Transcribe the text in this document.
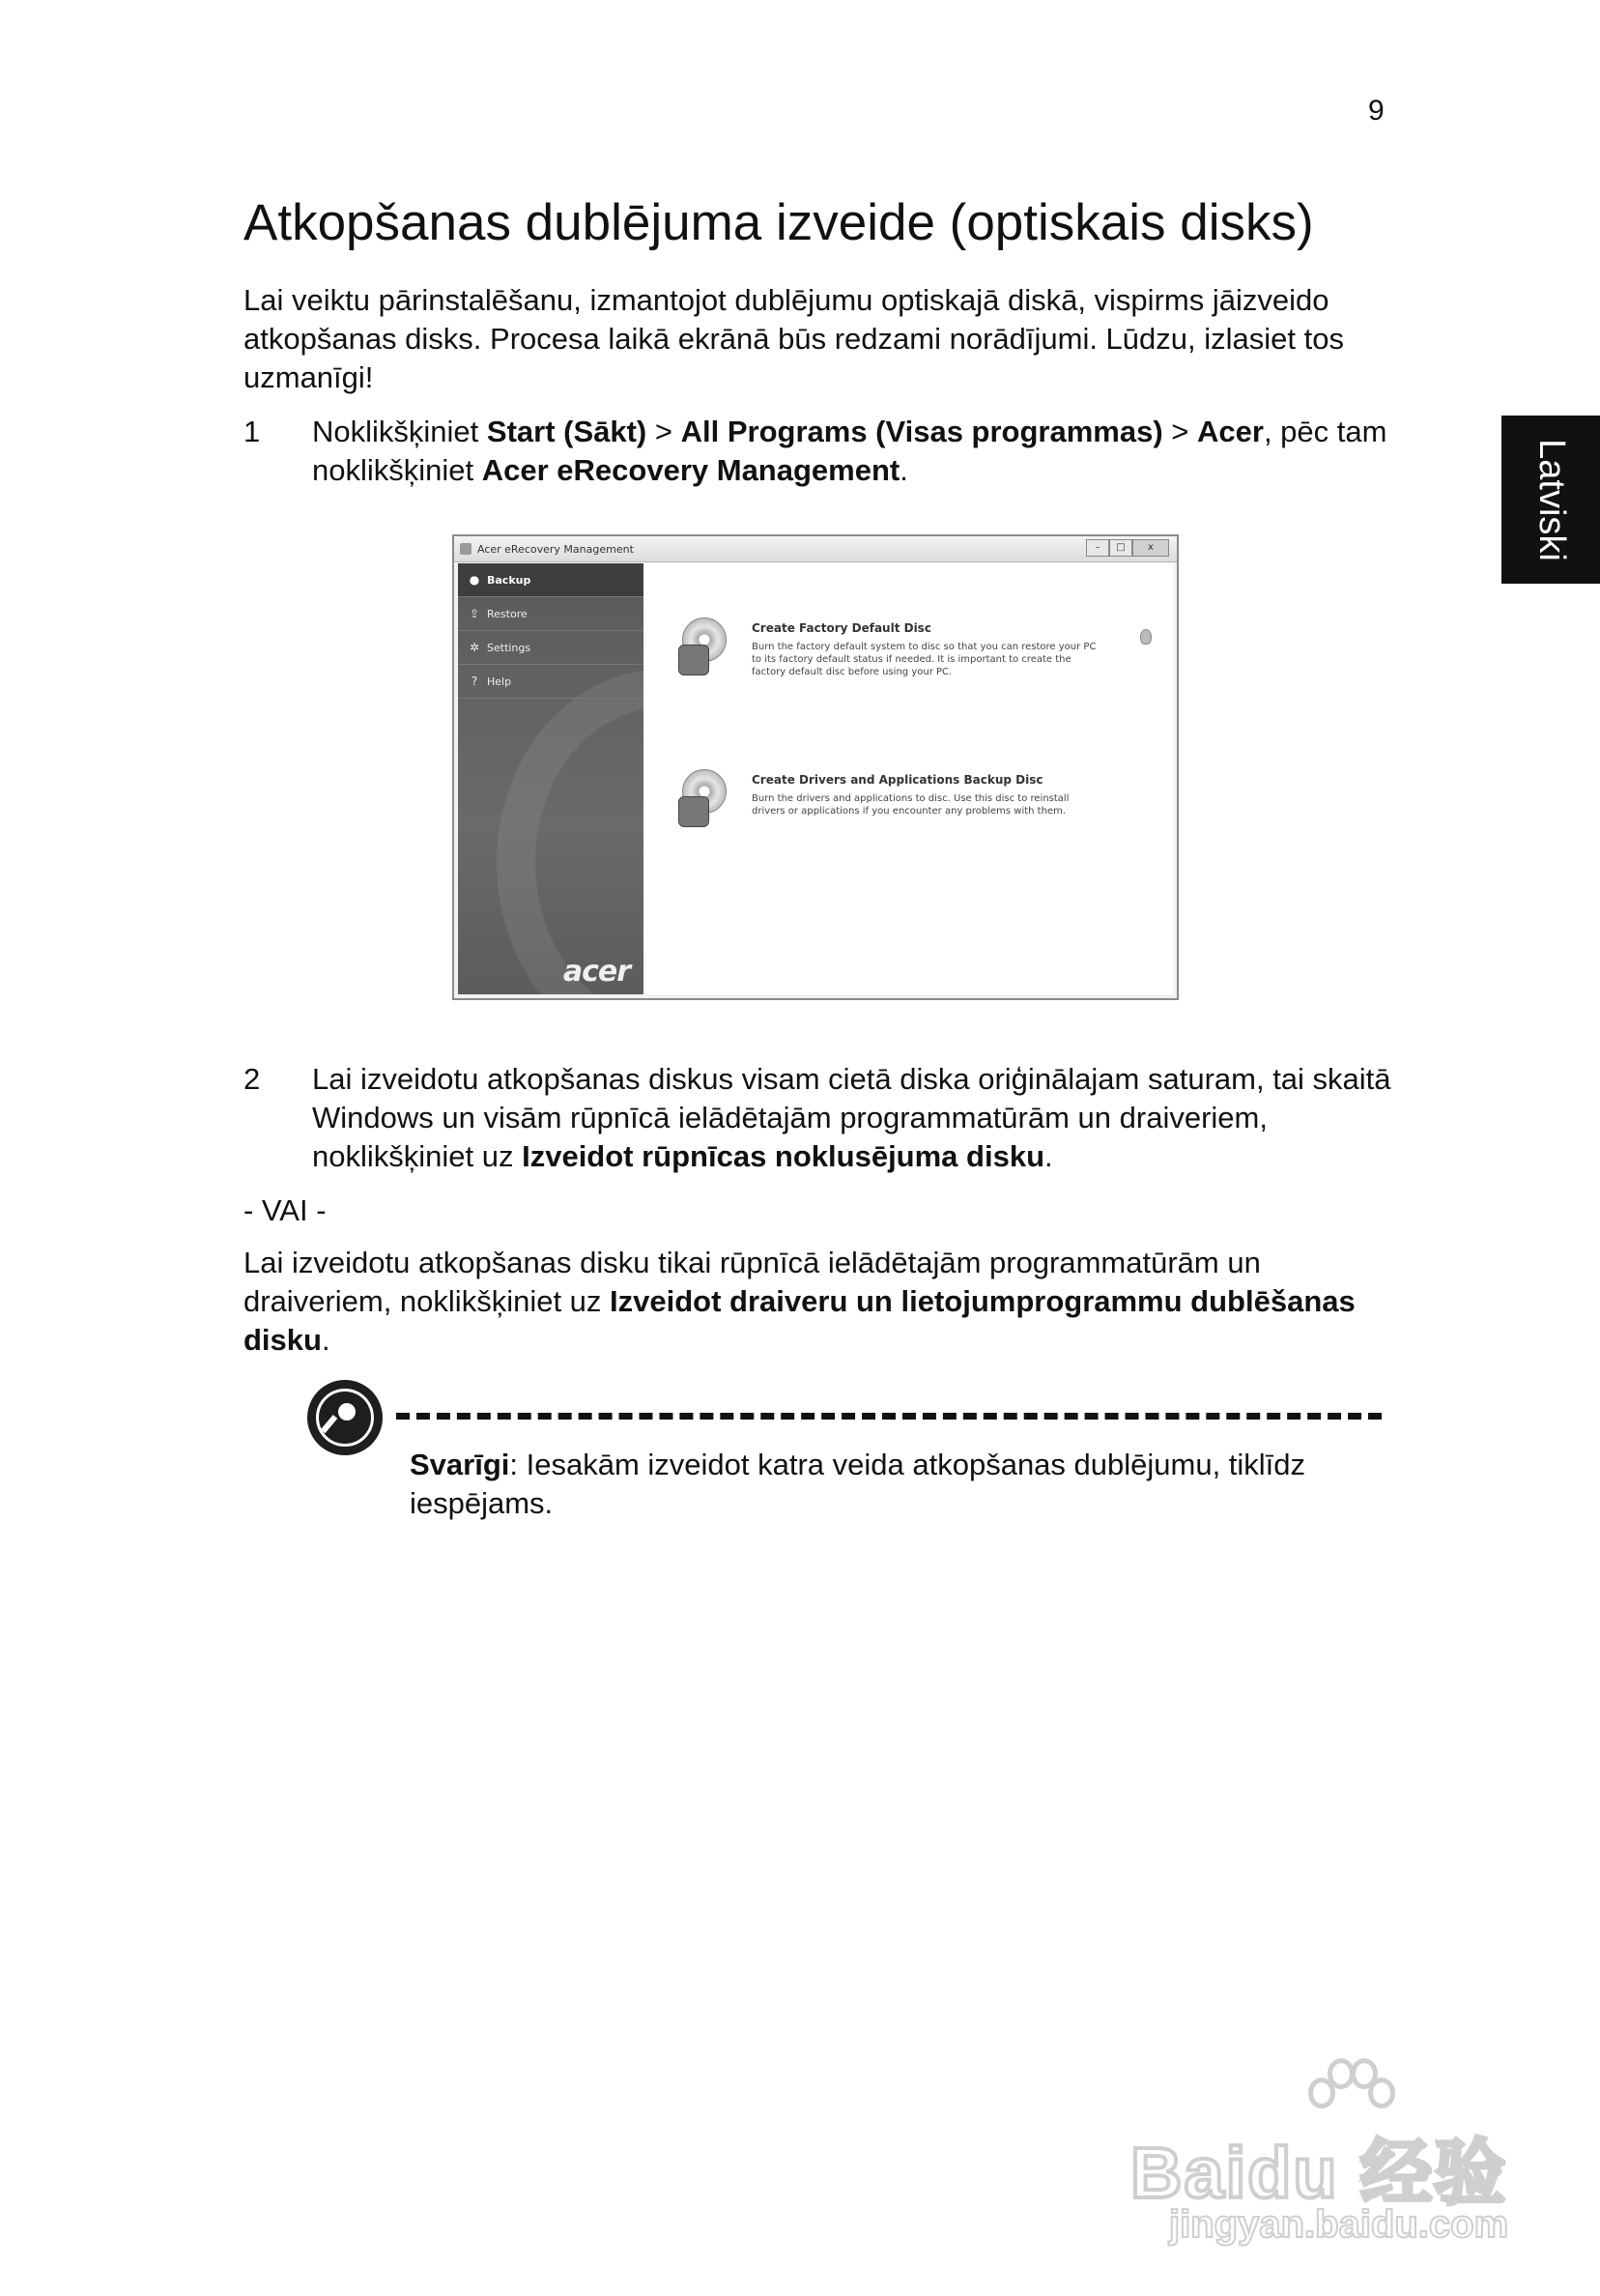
9
Latviski
Atkopšanas dublējuma izveide (optiskais disks)

Lai veiktu pārinstalēšanu, izmantojot dublējumu optiskajā diskā, vispirms jāizveido atkopšanas disks. Procesa laikā ekrānā būs redzami norādījumi. Lūdzu, izlasiet tos uzmanīgi!

1 Noklikšķiniet Start (Sākt) > All Programs (Visas programmas) > Acer, pēc tam noklikšķiniet Acer eRecovery Management.

Acer eRecovery Management	–	□	x
● Backup
⇪ Restore
✲ Settings
? Help
acer
Create Factory Default Disc
Burn the factory default system to disc so that you can restore your PC to its factory default status if needed. It is important to create the factory default disc before using your PC.
Create Drivers and Applications Backup Disc
Burn the drivers and applications to disc. Use this disc to reinstall drivers or applications if you encounter any problems with them.
2 Lai izveidotu atkopšanas diskus visam cietā diska oriģinālajam saturam, tai skaitā Windows un visām rūpnīcā ielādētajām programmatūrām un draiveriem, noklikšķiniet uz Izveidot rūpnīcas noklusējuma disku.

- VAI -

Lai izveidotu atkopšanas disku tikai rūpnīcā ielādētajām programmatūrām un draiveriem, noklikšķiniet uz Izveidot draiveru un lietojumprogrammu dublēšanas disku.

Svarīgi: Iesakām izveidot katra veida atkopšanas dublējumu, tiklīdz iespējams.

Baidu 经验
jingyan.baidu.com
